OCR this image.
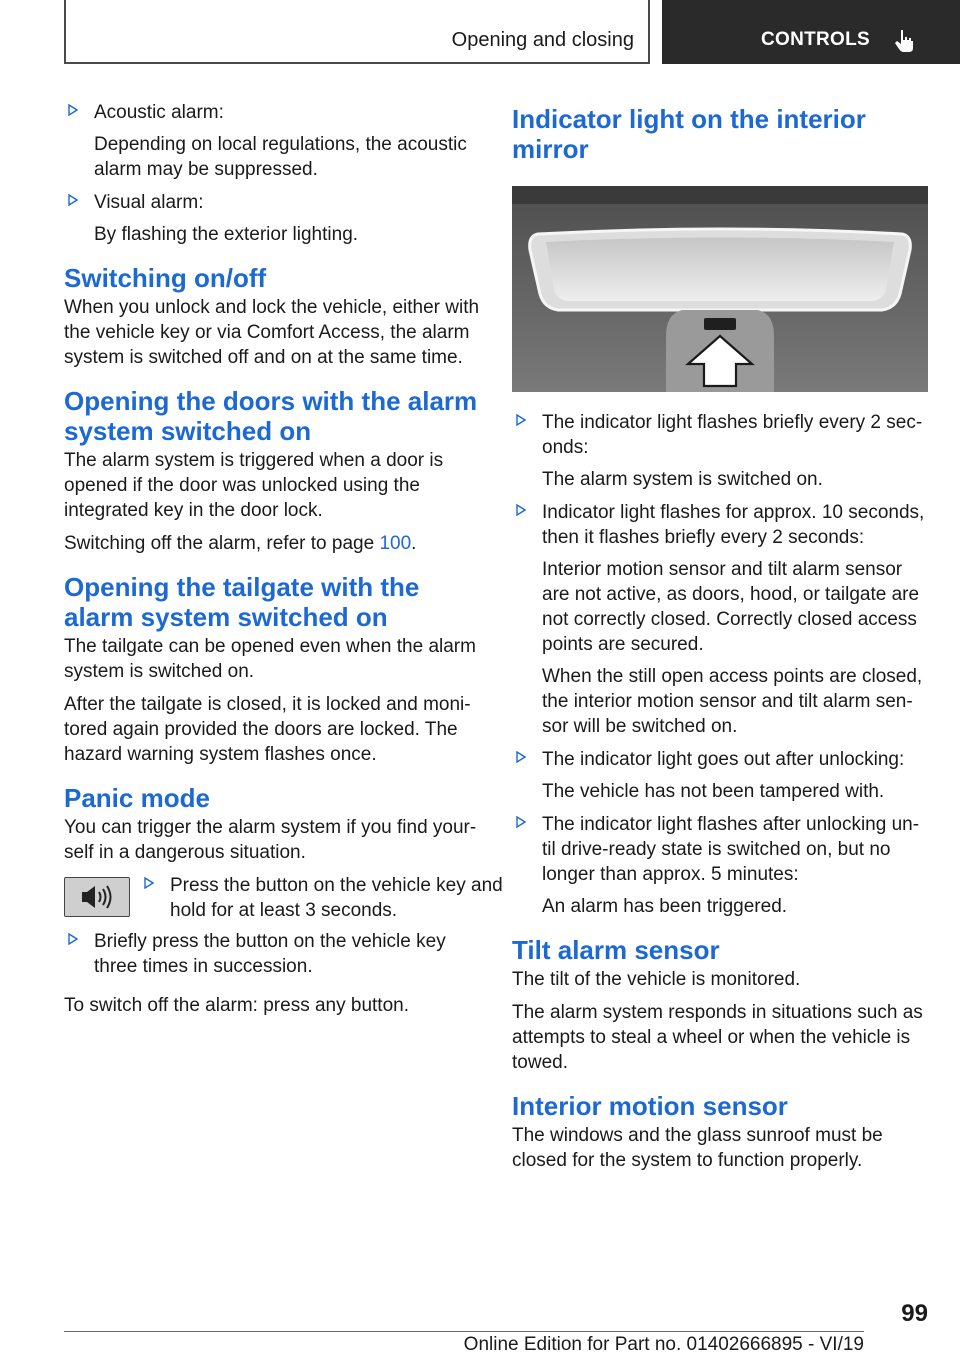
Opening and closing	CONTROLS

Acoustic alarm:

Depending on local regulations, the acoustic alarm may be suppressed.

Visual alarm:

By flashing the exterior lighting.

Switching on/off

When you unlock and lock the vehicle, either with the vehicle key or via Comfort Access, the alarm system is switched off and on at the same time.

Opening the doors with the alarm system switched on

The alarm system is triggered when a door is opened if the door was unlocked using the integrated key in the door lock.

Switching off the alarm, refer to page 100.

Opening the tailgate with the alarm system switched on

The tailgate can be opened even when the alarm system is switched on.

After the tailgate is closed, it is locked and moni‐tored again provided the doors are locked. The hazard warning system flashes once.

Panic mode

You can trigger the alarm system if you find your‐self in a dangerous situation.

Press the button on the vehicle key and hold for at least 3 seconds.

Briefly press the button on the vehicle key three times in succession.

To switch off the alarm: press any button.

Indicator light on the interior mirror

The indicator light flashes briefly every 2 sec‐onds:

The alarm system is switched on.

Indicator light flashes for approx. 10 seconds, then it flashes briefly every 2 seconds:

Interior motion sensor and tilt alarm sensor are not active, as doors, hood, or tailgate are not correctly closed. Correctly closed access points are secured.

When the still open access points are closed, the interior motion sensor and tilt alarm sen‐sor will be switched on.

The indicator light goes out after unlocking:

The vehicle has not been tampered with.

The indicator light flashes after unlocking un‐til drive-ready state is switched on, but no longer than approx. 5 minutes:

An alarm has been triggered.

Tilt alarm sensor

The tilt of the vehicle is monitored.

The alarm system responds in situations such as attempts to steal a wheel or when the vehicle is towed.

Interior motion sensor

The windows and the glass sunroof must be closed for the system to function properly.

99
Online Edition for Part no. 01402666895 - VI/19
